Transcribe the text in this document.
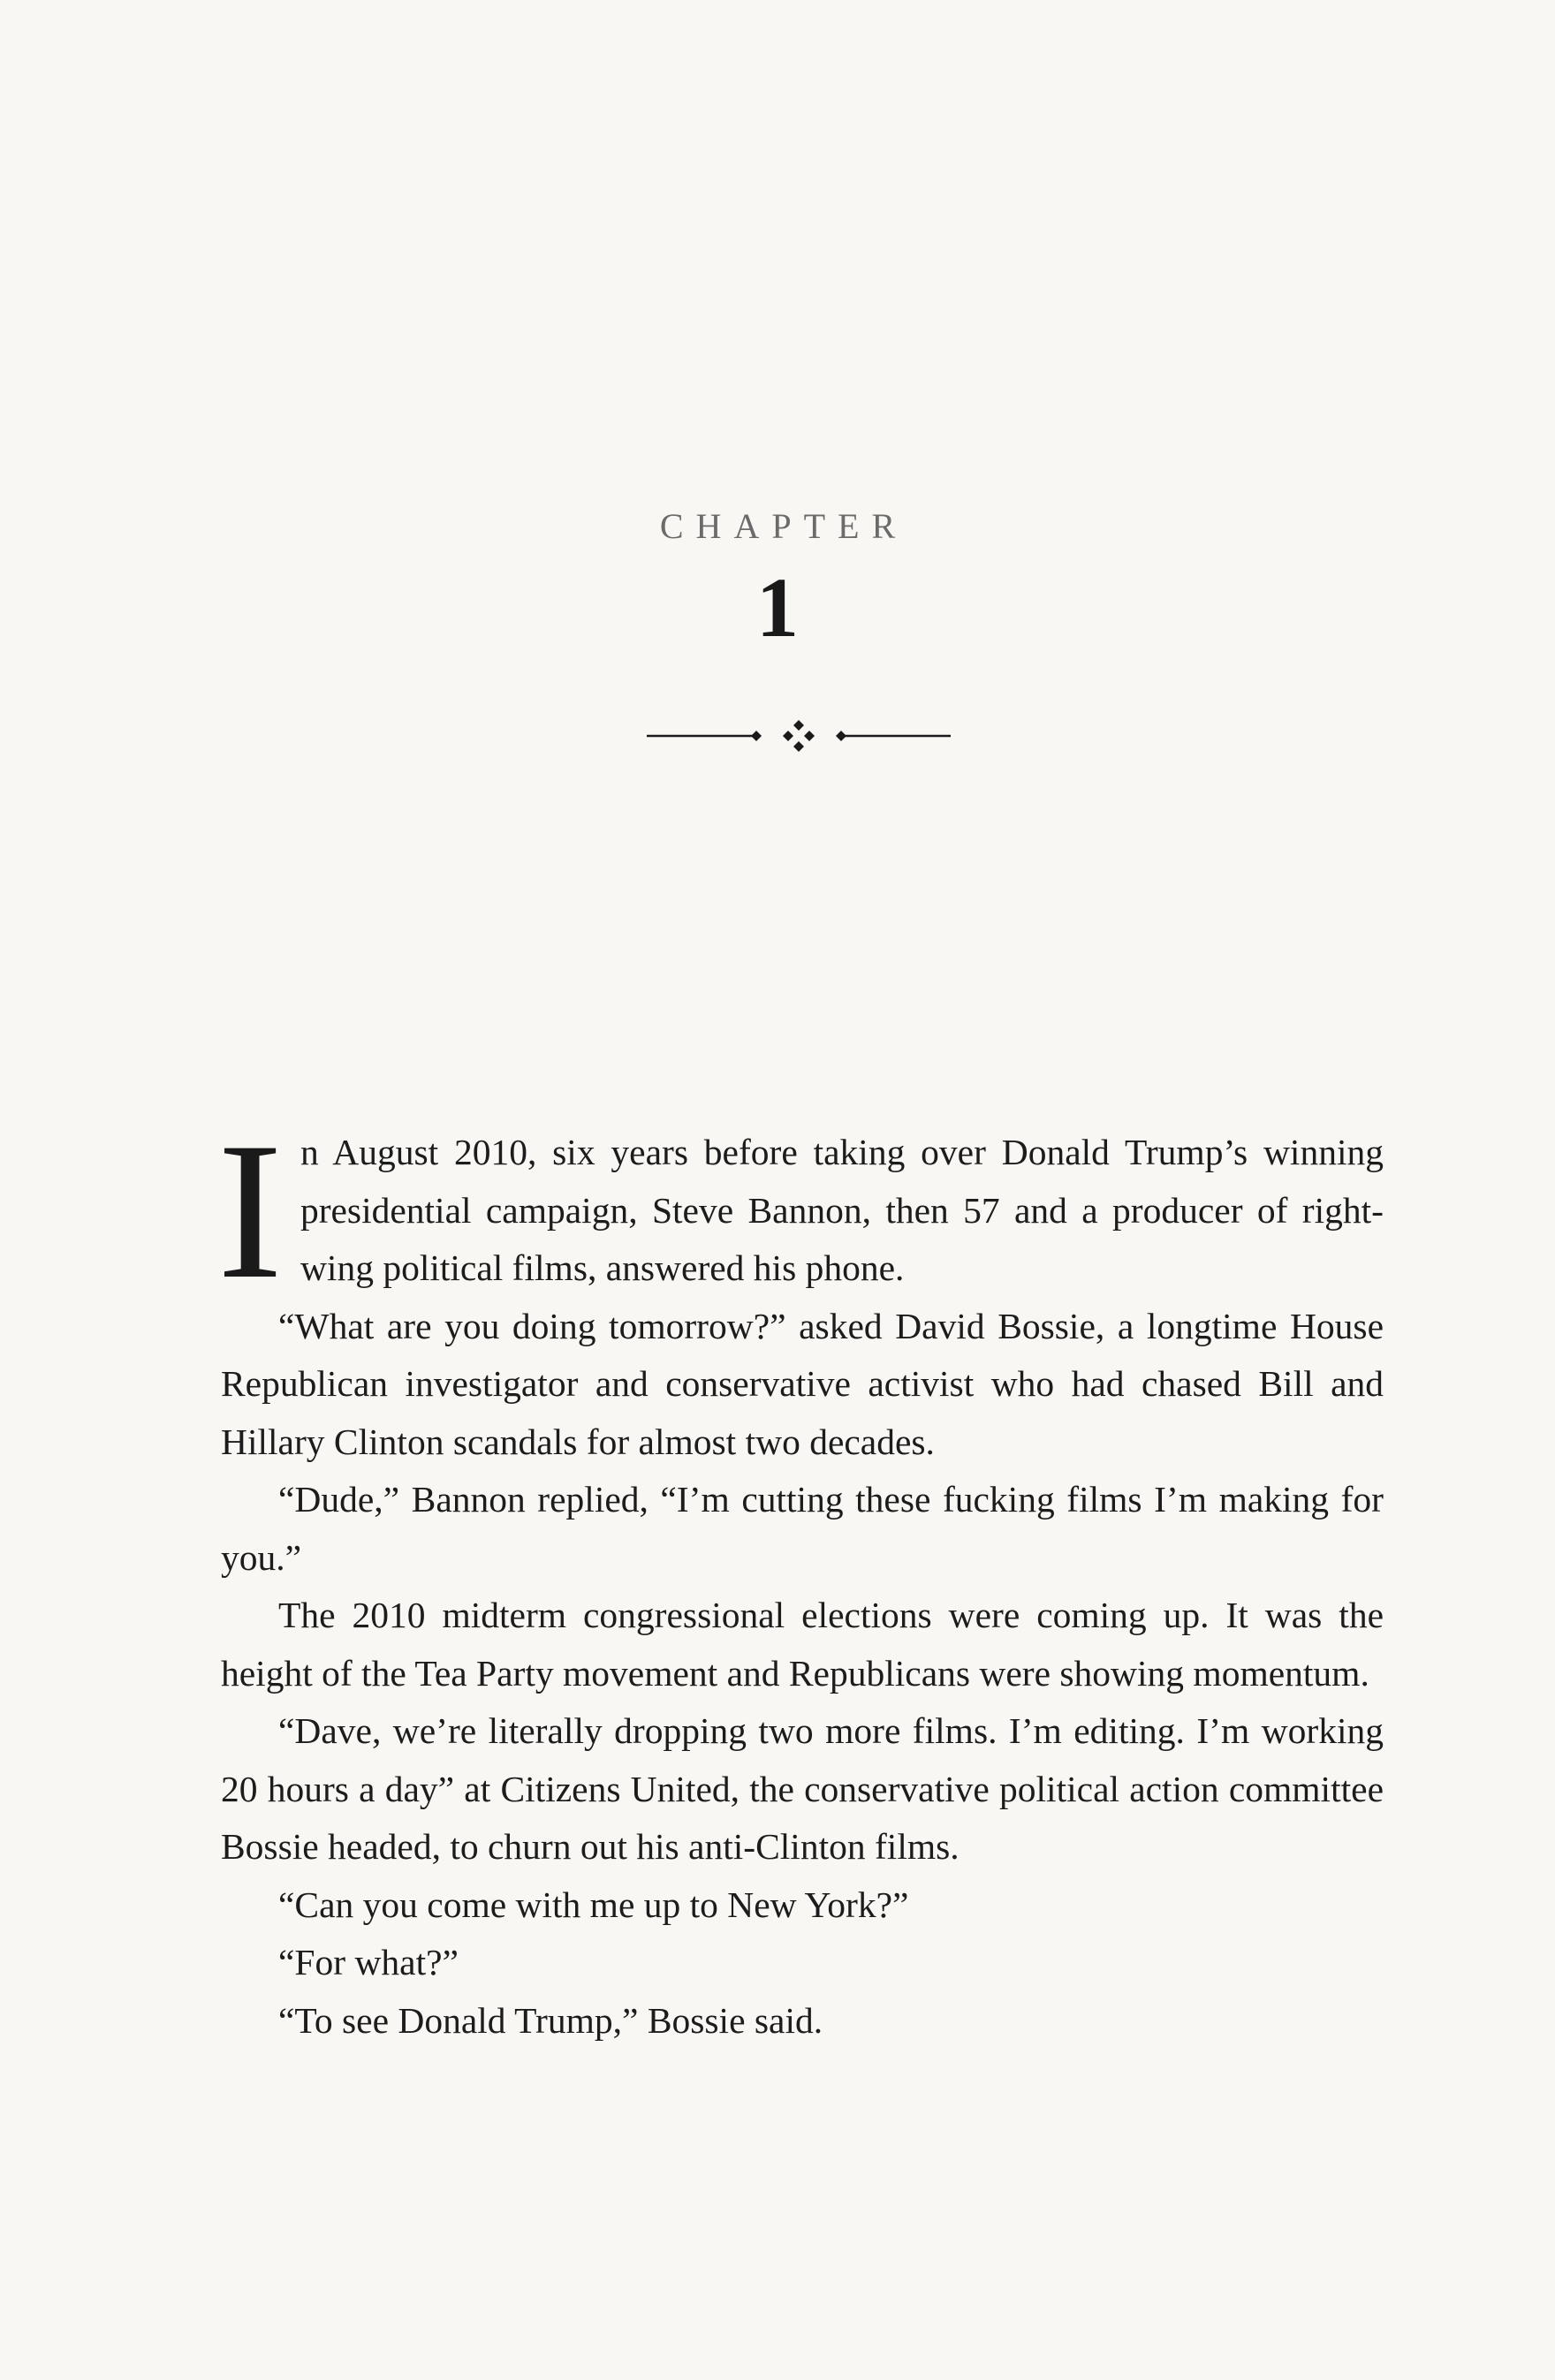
CHAPTER
1

In August 2010, six years before taking over Donald Trump’s winning presidential campaign, Steve Bannon, then 57 and a producer of right-wing political films, answered his phone.

“What are you doing tomorrow?” asked David Bossie, a longtime House Republican investigator and conservative activist who had chased Bill and Hillary Clinton scandals for almost two decades.

“Dude,” Bannon replied, “I’m cutting these fucking films I’m making for you.”

The 2010 midterm congressional elections were coming up. It was the height of the Tea Party movement and Republicans were showing momentum.

“Dave, we’re literally dropping two more films. I’m editing. I’m working 20 hours a day” at Citizens United, the conservative political action committee Bossie headed, to churn out his anti-Clinton films.

“Can you come with me up to New York?”

“For what?”

“To see Donald Trump,” Bossie said.
